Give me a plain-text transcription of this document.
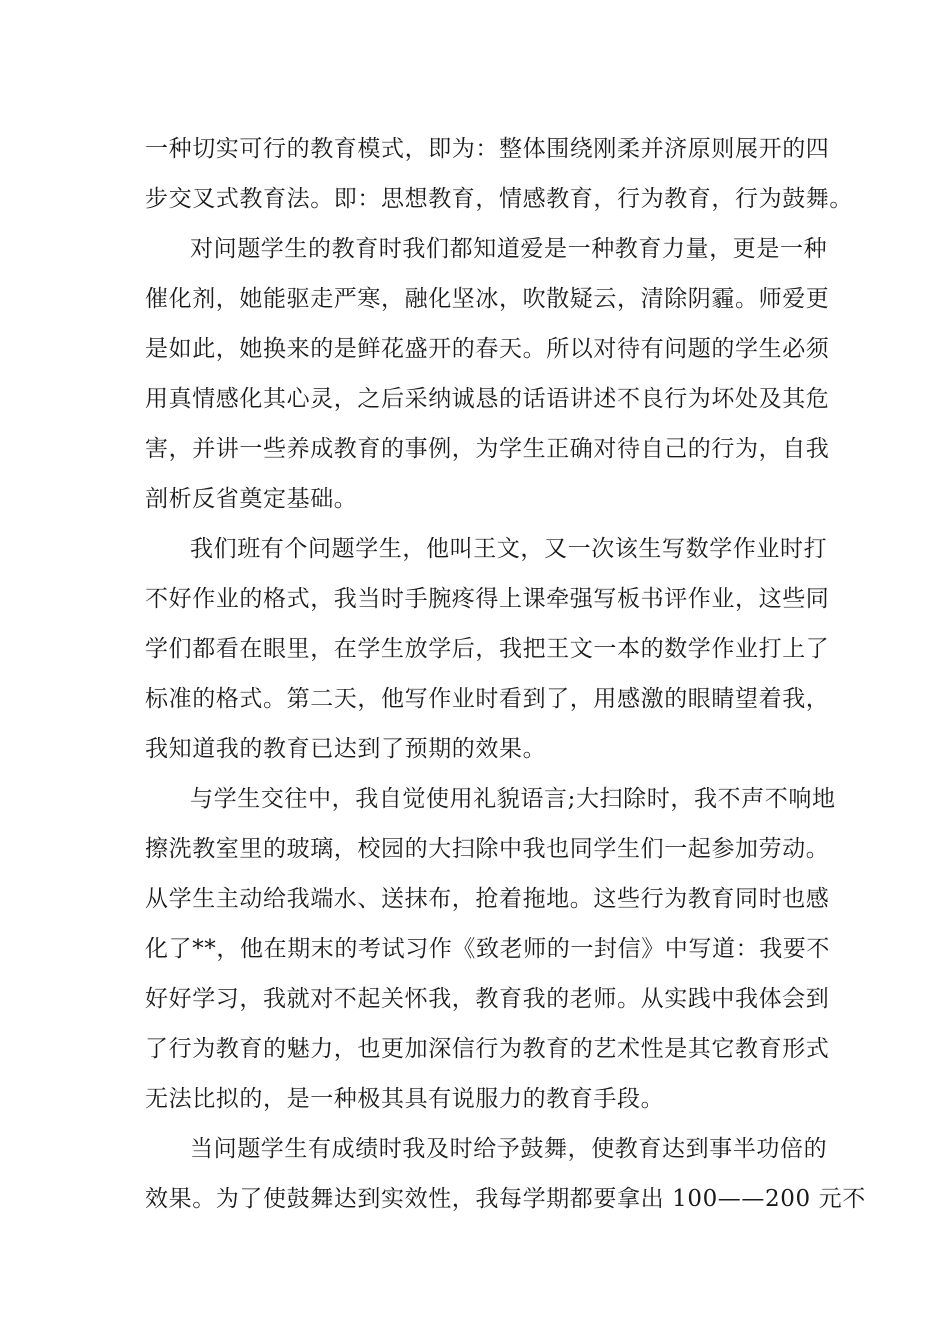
一种切实可行的教育模式，即为：整体围绕刚柔并济原则展开的四

步交叉式教育法。即：思想教育，情感教育，行为教育，行为鼓舞。

对问题学生的教育时我们都知道爱是一种教育力量，更是一种

催化剂，她能驱走严寒，融化坚冰，吹散疑云，清除阴霾。师爱更

是如此，她换来的是鲜花盛开的春天。所以对待有问题的学生必须

用真情感化其心灵，之后采纳诚恳的话语讲述不良行为坏处及其危

害，并讲一些养成教育的事例，为学生正确对待自己的行为，自我

剖析反省奠定基础。

我们班有个问题学生，他叫王文，又一次该生写数学作业时打

不好作业的格式，我当时手腕疼得上课牵强写板书评作业，这些同

学们都看在眼里，在学生放学后，我把王文一本的数学作业打上了

标准的格式。第二天，他写作业时看到了，用感激的眼睛望着我，

我知道我的教育已达到了预期的效果。

与学生交往中，我自觉使用礼貌语言;大扫除时，我不声不响地

擦洗教室里的玻璃，校园的大扫除中我也同学生们一起参加劳动。

从学生主动给我端水、送抹布，抢着拖地。这些行为教育同时也感

化了**，他在期末的考试习作《致老师的一封信》中写道：我要不

好好学习，我就对不起关怀我，教育我的老师。从实践中我体会到

了行为教育的魅力，也更加深信行为教育的艺术性是其它教育形式

无法比拟的，是一种极其具有说服力的教育手段。

当问题学生有成绩时我及时给予鼓舞，使教育达到事半功倍的

效果。为了使鼓舞达到实效性，我每学期都要拿出 100——200 元不
